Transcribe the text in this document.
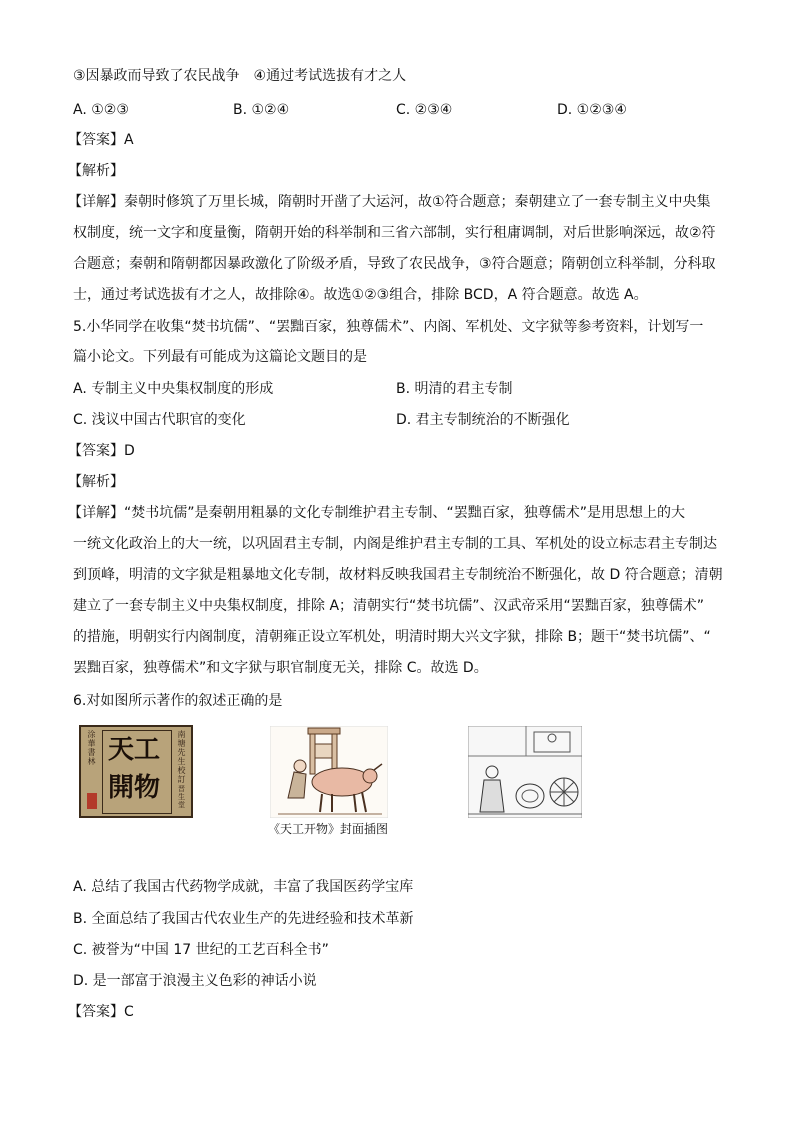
③因暴政而导致了农民战争　④通过考试选拔有才之人
A. ①②③	B. ①②④	C. ②③④	D. ①②③④
【答案】A
【解析】
【详解】秦朝时修筑了万里长城，隋朝时开凿了大运河，故①符合题意；秦朝建立了一套专制主义中央集
权制度，统一文字和度量衡，隋朝开始的科举制和三省六部制，实行租庸调制，对后世影响深远，故②符
合题意；秦朝和隋朝都因暴政激化了阶级矛盾，导致了农民战争，③符合题意；隋朝创立科举制，分科取
士，通过考试选拔有才之人，故排除④。故选①②③组合，排除 BCD，A 符合题意。故选 A。
5.小华同学在收集“焚书坑儒”、“罢黜百家，独尊儒术”、内阁、军机处、文字狱等参考资料，计划写一
篇小论文。下列最有可能成为这篇论文题目的是
A. 专制主义中央集权制度的形成	B. 明清的君主专制
C. 浅议中国古代职官的变化	D. 君主专制统治的不断强化
【答案】D
【解析】
【详解】“焚书坑儒”是秦朝用粗暴的文化专制维护君主专制、“罢黜百家，独尊儒术”是用思想上的大
一统文化政治上的大一统，以巩固君主专制，内阁是维护君主专制的工具、军机处的设立标志君主专制达
到顶峰，明清的文字狱是粗暴地文化专制，故材料反映我国君主专制统治不断强化，故 D 符合题意；清朝
建立了一套专制主义中央集权制度，排除 A；清朝实行“焚书坑儒”、汉武帝采用“罢黜百家，独尊儒术”
的措施，明朝实行内阁制度，清朝雍正设立军机处，明清时期大兴文字狱，排除 B；题干“焚书坑儒”、“
罢黜百家，独尊儒术”和文字狱与职官制度无关，排除 C。故选 D。
6.对如图所示著作的叙述正确的是
涂華書林 天工
開物
南塘先生校訂
晋生堂
《天工开物》封面插图
A. 总结了我国古代药物学成就，丰富了我国医药学宝库
B. 全面总结了我国古代农业生产的先进经验和技术革新
C. 被誉为“中国 17 世纪的工艺百科全书”
D. 是一部富于浪漫主义色彩的神话小说
【答案】C
